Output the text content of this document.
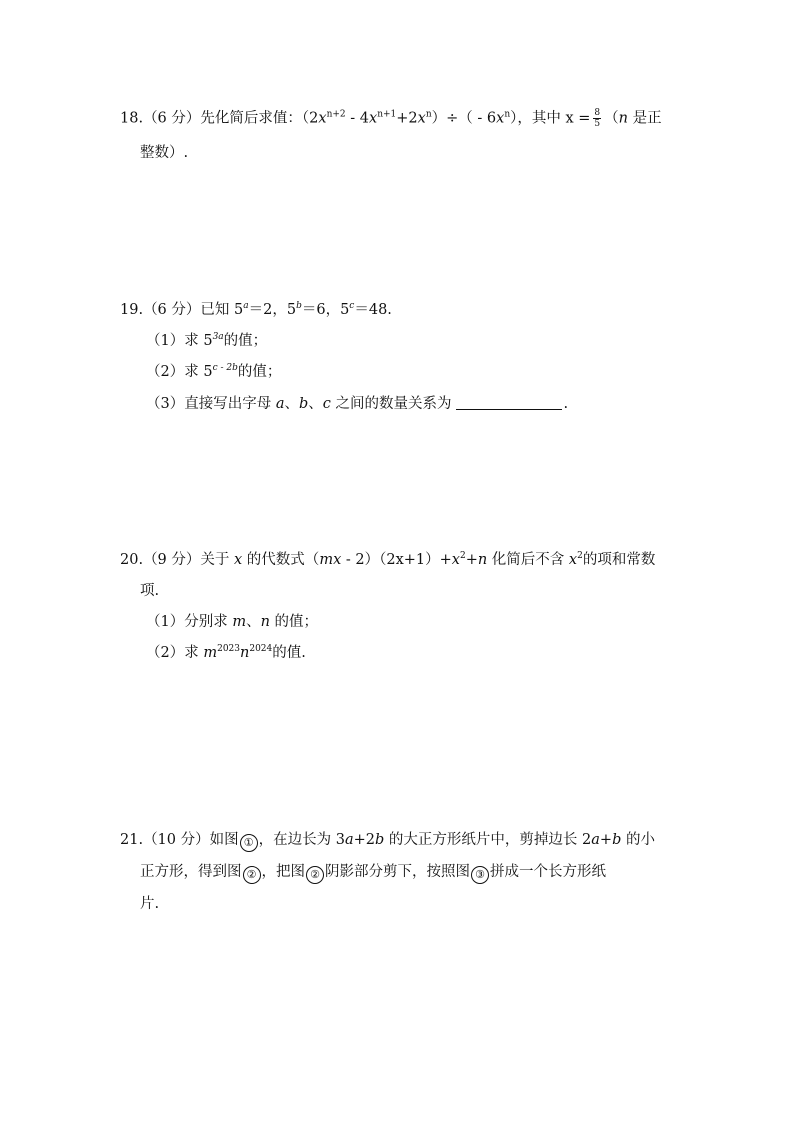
18.（6 分）先化简后求值：$(2x^{n+2} - 4x^{n+1}+2x^n)\div( - 6x^n)$，其中 $x = \frac{8}{5} (n$ 是正
整数）.
19.（6 分）已知 $5^a=2$，$5^b=6$，$5^c=48$.
（1）求 $5^{3a}$的值；
（2）求 $5^{c - 2b}$的值；
（3）直接写出字母 a、b、c 之间的数量关系为	.
20.（9 分）关于 x 的代数式$(mx - 2)(2x+1)+x^2+n$ 化简后不含 $x^2$的项和常数
项.
（1）分别求 m、n 的值；
（2）求 $m^{2023}n^{2024}$的值.
21.（10 分）如图 ① ，在边长为 3a+2b 的大正方形纸片中，剪掉边长 2a+b 的小
正方形，得到图 ② ，把图 ② 阴影部分剪下，按照图 ③ 拼成一个长方形纸
片.
